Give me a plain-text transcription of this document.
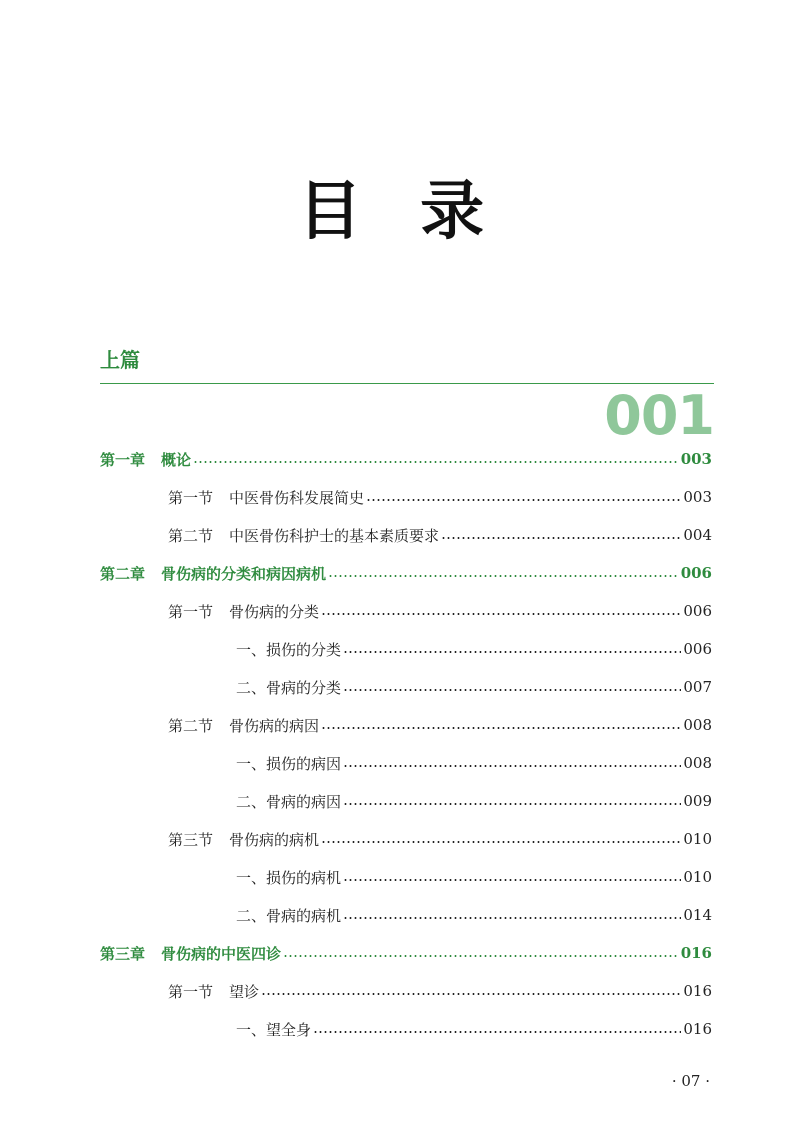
目 录
上篇
001
第一章 概论	003
第一节 中医骨伤科发展简史	003
第二节 中医骨伤科护士的基本素质要求	004
第二章 骨伤病的分类和病因病机	006
第一节 骨伤病的分类	006
一、损伤的分类	006
二、骨病的分类	007
第二节 骨伤病的病因	008
一、损伤的病因	008
二、骨病的病因	009
第三节 骨伤病的病机	010
一、损伤的病机	010
二、骨病的病机	014
第三章 骨伤病的中医四诊	016
第一节 望诊	016
一、望全身	016
· 07 ·
